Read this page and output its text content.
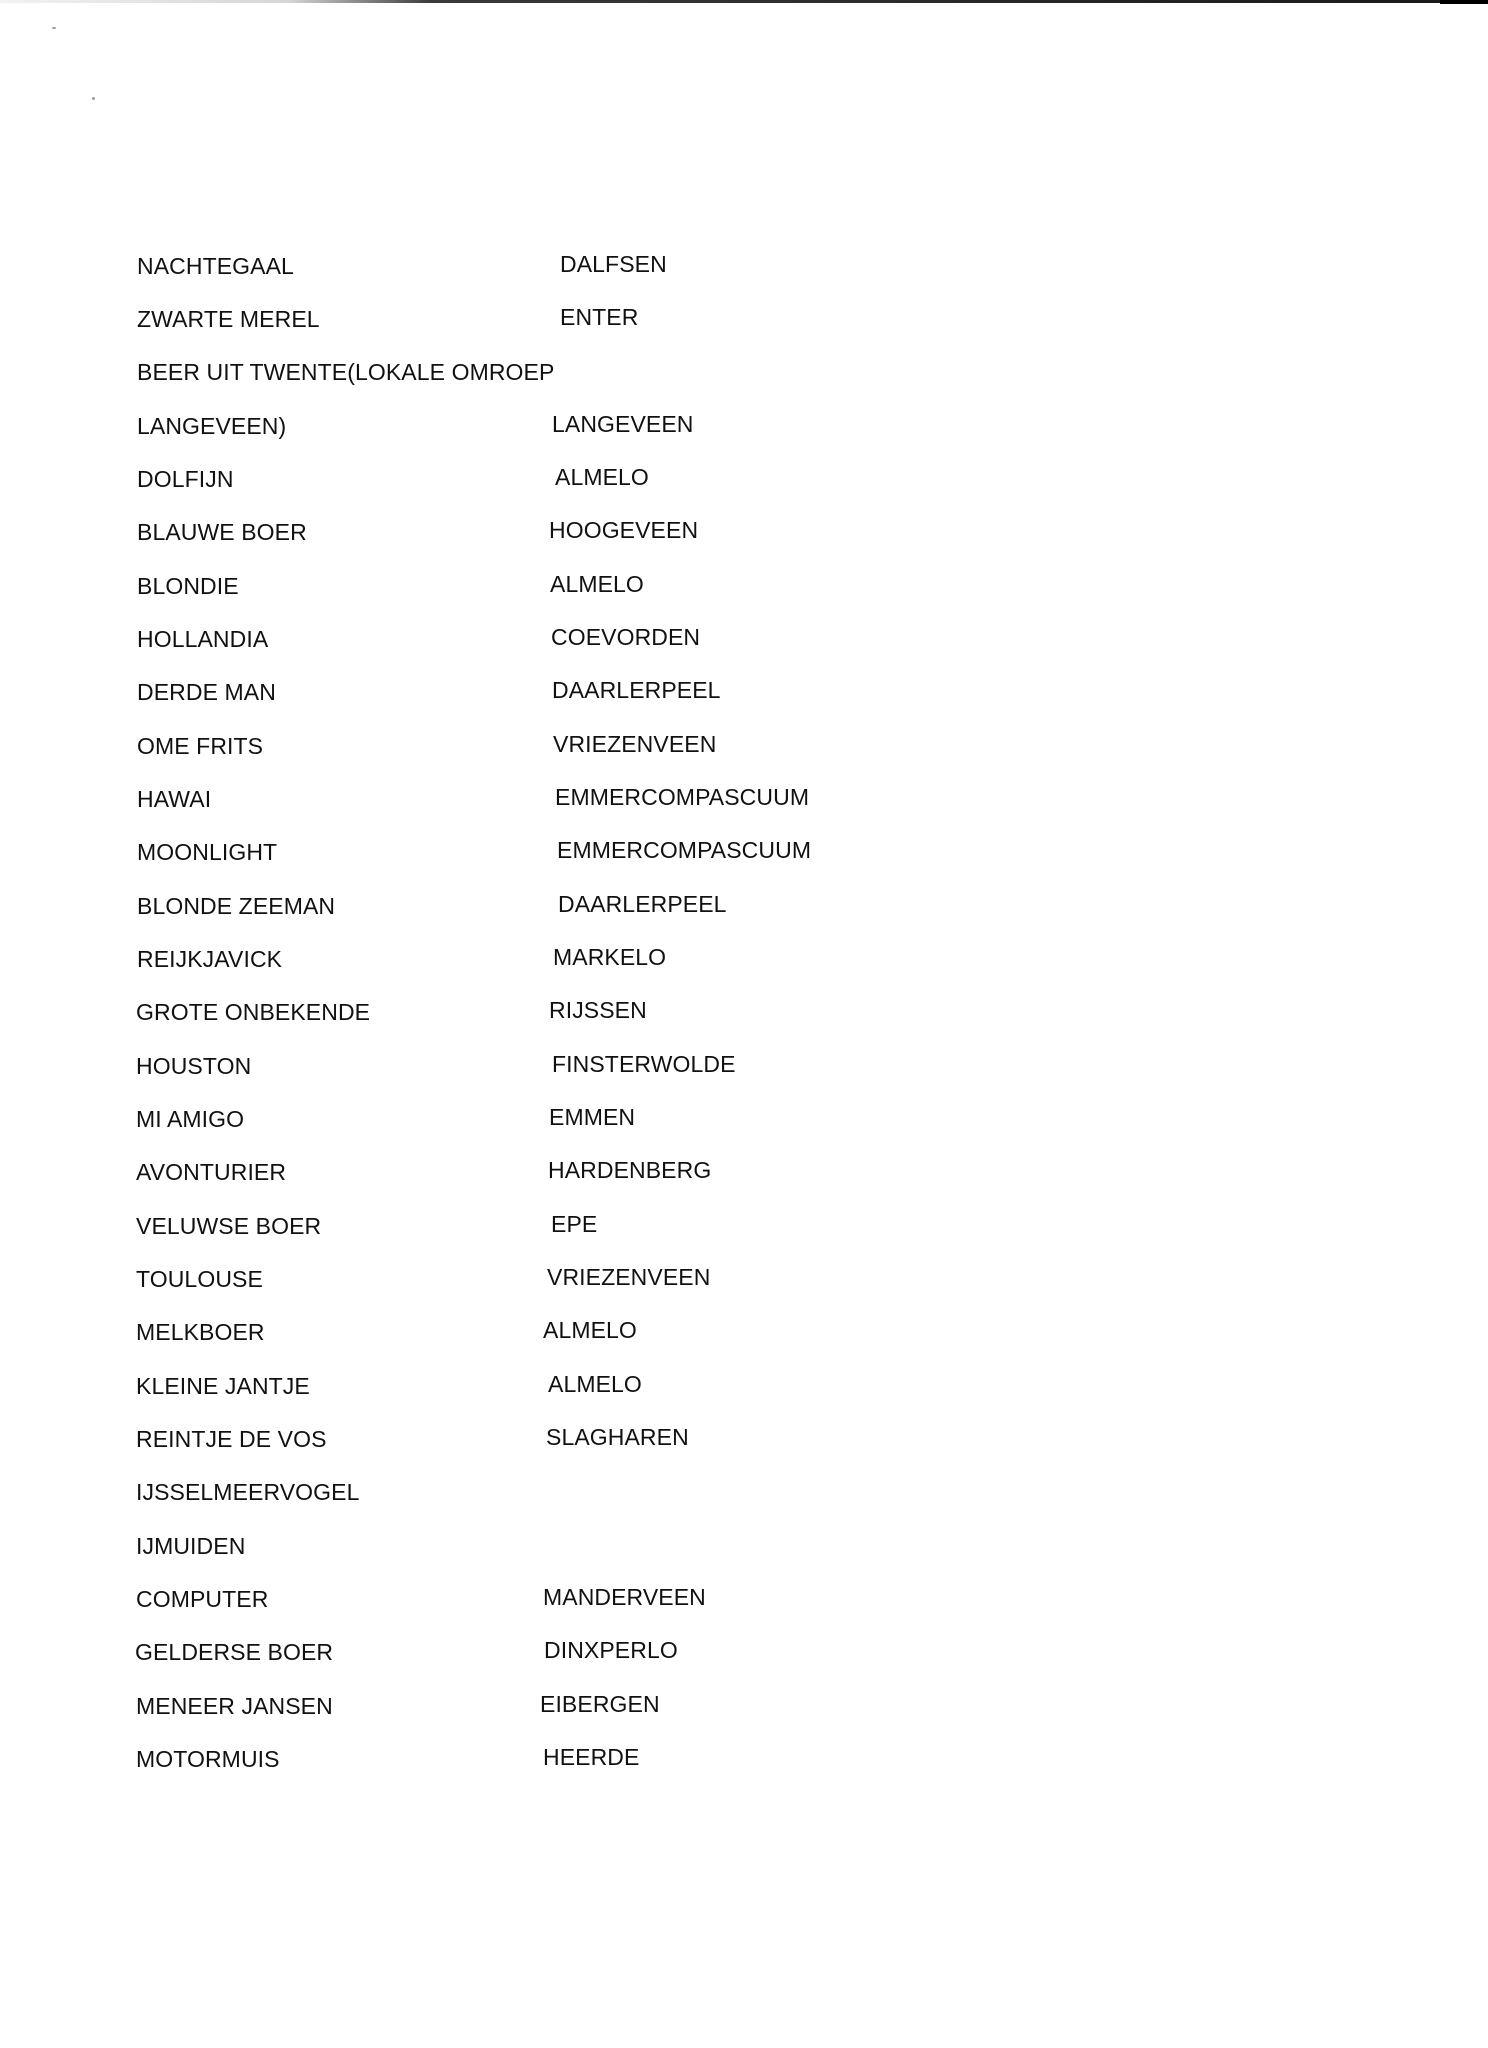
NACHTEGAAL	DALFSEN
ZWARTE MEREL	ENTER
BEER UIT TWENTE(LOKALE OMROEP
LANGEVEEN)	LANGEVEEN
DOLFIJN	ALMELO
BLAUWE BOER	HOOGEVEEN
BLONDIE	ALMELO
HOLLANDIA	COEVORDEN
DERDE MAN	DAARLERPEEL
OME FRITS	VRIEZENVEEN
HAWAI	EMMERCOMPASCUUM
MOONLIGHT	EMMERCOMPASCUUM
BLONDE ZEEMAN	DAARLERPEEL
REIJKJAVICK	MARKELO
GROTE ONBEKENDE	RIJSSEN
HOUSTON	FINSTERWOLDE
MI AMIGO	EMMEN
AVONTURIER	HARDENBERG
VELUWSE BOER	EPE
TOULOUSE	VRIEZENVEEN
MELKBOER	ALMELO
KLEINE JANTJE	ALMELO
REINTJE DE VOS	SLAGHAREN
IJSSELMEERVOGEL
IJMUIDEN
COMPUTER	MANDERVEEN
GELDERSE BOER	DINXPERLO
MENEER JANSEN	EIBERGEN
MOTORMUIS	HEERDE
